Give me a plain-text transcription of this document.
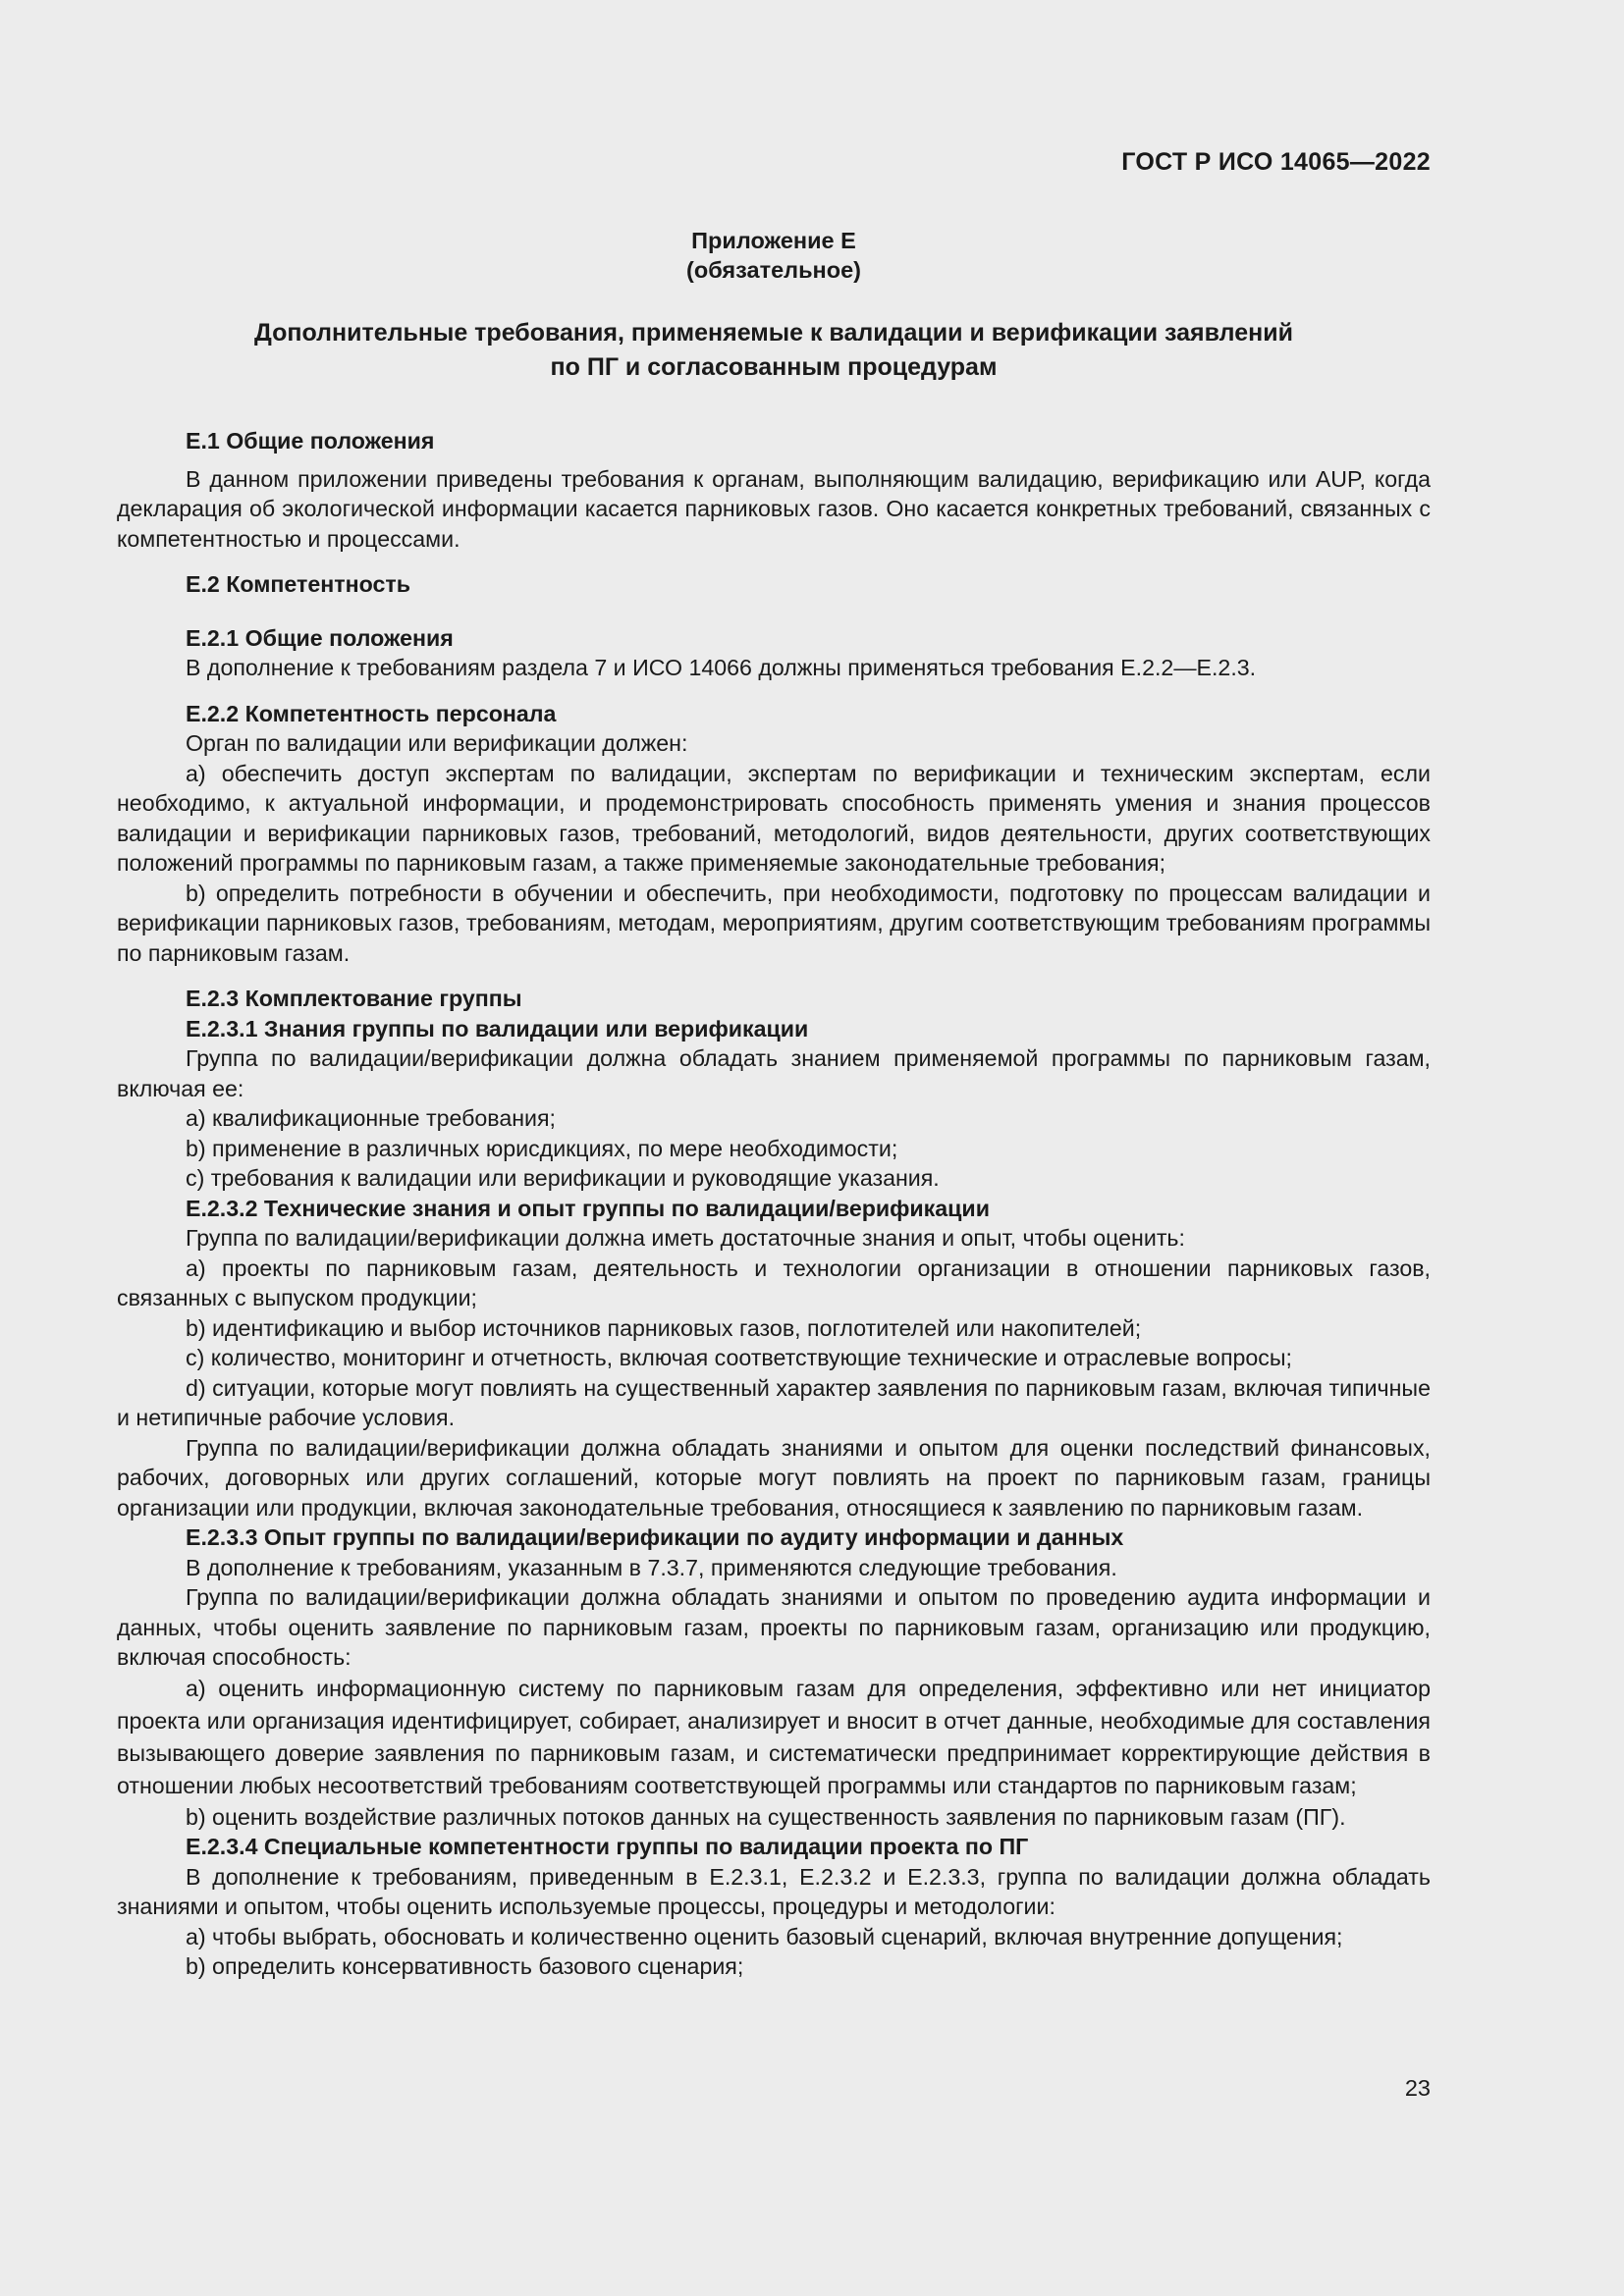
ГОСТ Р ИСО 14065—2022
Приложение Е
(обязательное)
Дополнительные требования, применяемые к валидации и верификации заявлений
по ПГ и согласованным процедурам
Е.1 Общие положения

В данном приложении приведены требования к органам, выполняющим валидацию, верификацию или AUP, когда декларация об экологической информации касается парниковых газов. Оно касается конкретных требований, связанных с компетентностью и процессами.

Е.2 Компетентность
Е.2.1 Общие положения

В дополнение к требованиям раздела 7 и ИСО 14066 должны применяться требования Е.2.2—Е.2.3.

Е.2.2 Компетентность персонала

Орган по валидации или верификации должен:

a) обеспечить доступ экспертам по валидации, экспертам по верификации и техническим экспертам, если необходимо, к актуальной информации, и продемонстрировать способность применять умения и знания процессов валидации и верификации парниковых газов, требований, методологий, видов деятельности, других соответствующих положений программы по парниковым газам, а также применяемые законодательные требования;

b) определить потребности в обучении и обеспечить, при необходимости, подготовку по процессам валидации и верификации парниковых газов, требованиям, методам, мероприятиям, другим соответствующим требованиям программы по парниковым газам.

Е.2.3 Комплектование группы
Е.2.3.1 Знания группы по валидации или верификации

Группа по валидации/верификации должна обладать знанием применяемой программы по парниковым газам, включая ее:

a) квалификационные требования;

b) применение в различных юрисдикциях, по мере необходимости;

c) требования к валидации или верификации и руководящие указания.

Е.2.3.2 Технические знания и опыт группы по валидации/верификации

Группа по валидации/верификации должна иметь достаточные знания и опыт, чтобы оценить:

a) проекты по парниковым газам, деятельность и технологии организации в отношении парниковых газов, связанных с выпуском продукции;

b) идентификацию и выбор источников парниковых газов, поглотителей или накопителей;

c) количество, мониторинг и отчетность, включая соответствующие технические и отраслевые вопросы;

d) ситуации, которые могут повлиять на существенный характер заявления по парниковым газам, включая типичные и нетипичные рабочие условия.

Группа по валидации/верификации должна обладать знаниями и опытом для оценки последствий финансовых, рабочих, договорных или других соглашений, которые могут повлиять на проект по парниковым газам, границы организации или продукции, включая законодательные требования, относящиеся к заявлению по парниковым газам.

Е.2.3.3 Опыт группы по валидации/верификации по аудиту информации и данных

В дополнение к требованиям, указанным в 7.3.7, применяются следующие требования.

Группа по валидации/верификации должна обладать знаниями и опытом по проведению аудита информации и данных, чтобы оценить заявление по парниковым газам, проекты по парниковым газам, организацию или продукцию, включая способность:

a) оценить информационную систему по парниковым газам для определения, эффективно или нет инициатор проекта или организация идентифицирует, собирает, анализирует и вносит в отчет данные, необходимые для составления вызывающего доверие заявления по парниковым газам, и систематически предпринимает корректирующие действия в отношении любых несоответствий требованиям соответствующей программы или стандартов по парниковым газам;

b) оценить воздействие различных потоков данных на существенность заявления по парниковым газам (ПГ).

Е.2.3.4 Специальные компетентности группы по валидации проекта по ПГ

В дополнение к требованиям, приведенным в Е.2.3.1, Е.2.3.2 и Е.2.3.3, группа по валидации должна обладать знаниями и опытом, чтобы оценить используемые процессы, процедуры и методологии:

a) чтобы выбрать, обосновать и количественно оценить базовый сценарий, включая внутренние допущения;

b) определить консервативность базового сценария;

23
